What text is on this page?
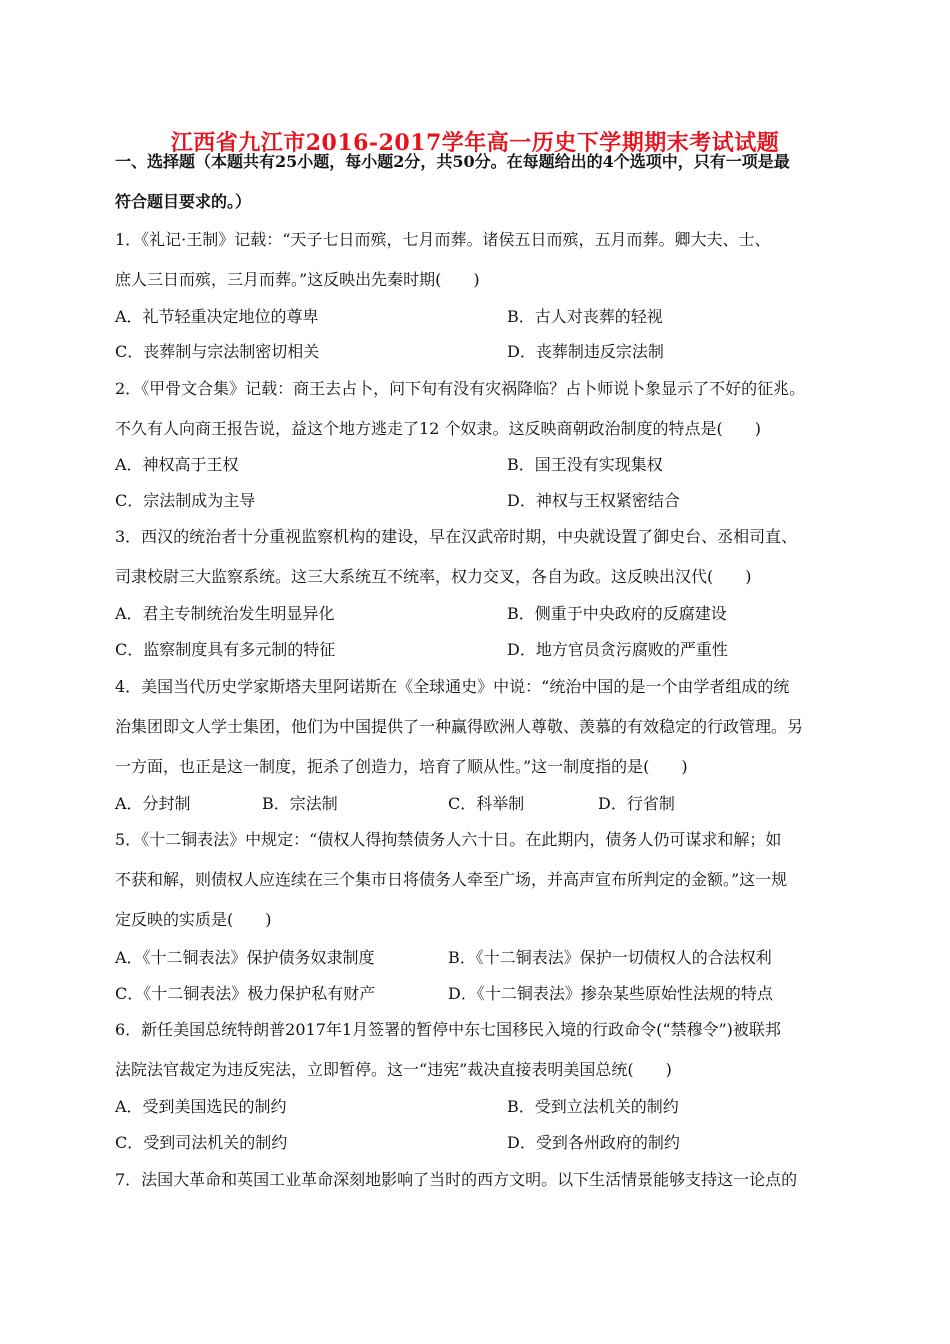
江西省九江市2016-2017学年高一历史下学期期末考试试题
一、选择题（本题共有25小题，每小题2分，共50分。在每题给出的4个选项中，只有一项是最
符合题目要求的。）
1．《礼记·王制》记载：“天子七日而殡，七月而葬。诸侯五日而殡，五月而葬。卿大夫、士、
庶人三日而殡，三月而葬。”这反映出先秦时期(　　)
A．礼节轻重决定地位的尊卑	B．古人对丧葬的轻视
C．丧葬制与宗法制密切相关	D．丧葬制违反宗法制
2．《甲骨文合集》记载：商王去占卜，问下旬有没有灾祸降临？占卜师说卜象显示了不好的征兆。
不久有人向商王报告说，益这个地方逃走了12 个奴隶。这反映商朝政治制度的特点是(　　)
A．神权高于王权	B．国王没有实现集权
C．宗法制成为主导	D．神权与王权紧密结合
3．西汉的统治者十分重视监察机构的建设，早在汉武帝时期，中央就设置了御史台、丞相司直、
司隶校尉三大监察系统。这三大系统互不统率，权力交叉，各自为政。这反映出汉代(　　)
A．君主专制统治发生明显异化	B．侧重于中央政府的反腐建设
C．监察制度具有多元制的特征	D．地方官员贪污腐败的严重性
4．美国当代历史学家斯塔夫里阿诺斯在《全球通史》中说：“统治中国的是一个由学者组成的统
治集团即文人学士集团，他们为中国提供了一种赢得欧洲人尊敬、羡慕的有效稳定的行政管理。另
一方面，也正是这一制度，扼杀了创造力，培育了顺从性。”这一制度指的是(　　)
A．分封制	B．宗法制	C．科举制	D．行省制
5．《十二铜表法》中规定：“债权人得拘禁债务人六十日。在此期内，债务人仍可谋求和解；如
不获和解，则债权人应连续在三个集市日将债务人牵至广场，并高声宣布所判定的金额。”这一规
定反映的实质是(　　)
A．《十二铜表法》保护债务奴隶制度	B．《十二铜表法》保护一切债权人的合法权利
C．《十二铜表法》极力保护私有财产	D．《十二铜表法》掺杂某些原始性法规的特点
6．新任美国总统特朗普2017年1月签署的暂停中东七国移民入境的行政命令(“禁穆令”)被联邦
法院法官裁定为违反宪法，立即暂停。这一“违宪”裁决直接表明美国总统(　　)
A．受到美国选民的制约	B．受到立法机关的制约
C．受到司法机关的制约	D．受到各州政府的制约
7．法国大革命和英国工业革命深刻地影响了当时的西方文明。以下生活情景能够支持这一论点的
